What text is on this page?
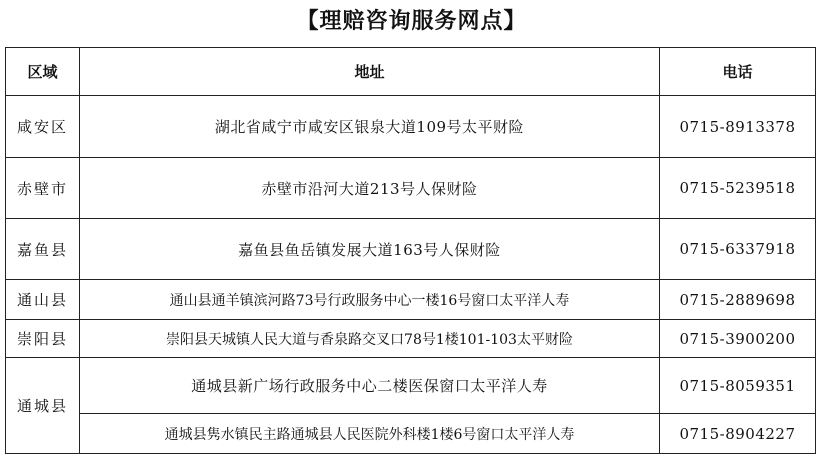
【理赔咨询服务网点】
区域	地址	电话
咸安区	湖北省咸宁市咸安区银泉大道109号太平财险	0715-8913378
赤壁市	赤壁市沿河大道213号人保财险	0715-5239518
嘉鱼县	嘉鱼县鱼岳镇发展大道163号人保财险	0715-6337918
通山县	通山县通羊镇滨河路73号行政服务中心一楼16号窗口太平洋人寿	0715-2889698
崇阳县	崇阳县天城镇人民大道与香泉路交叉口78号1楼101-103太平财险	0715-3900200
通城县	通城县新广场行政服务中心二楼医保窗口太平洋人寿	0715-8059351
	通城县隽水镇民主路通城县人民医院外科楼1楼6号窗口太平洋人寿	0715-8904227
